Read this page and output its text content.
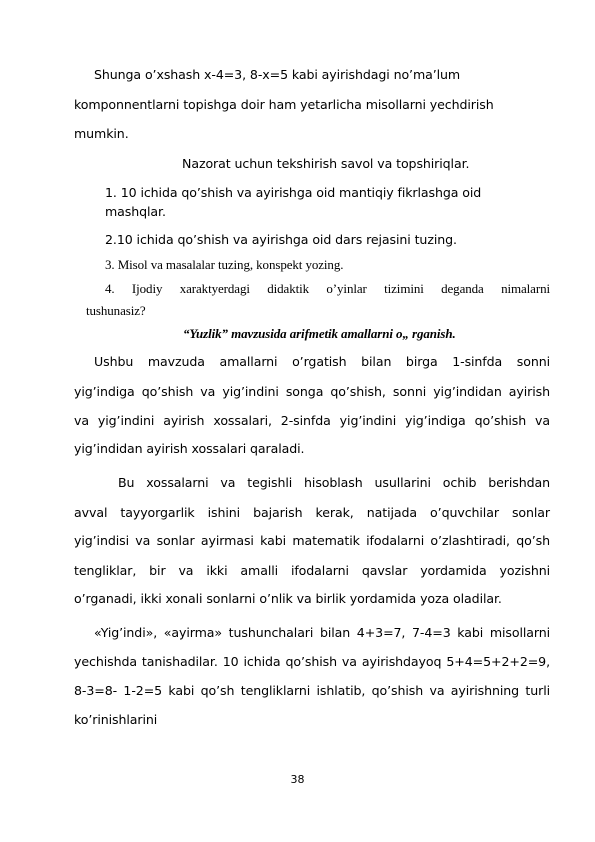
Shunga o’xshash x-4=3, 8-x=5 kabi ayirishdagi no’ma’lum
komponnentlarni topishga doir ham yetarlicha misollarni yechdirish
mumkin.
Nazorat uchun tekshirish savol va topshiriqlar.
1. 10 ichida qo’shish va ayirishga oid mantiqiy fikrlashga oid
mashqlar.
2.10 ichida qo’shish va ayirishga oid dars rejasini tuzing.
3. Misol va masalalar tuzing, konspekt yozing.
4. Ijodiy xaraktyerdagi didaktik o’yinlar tizimini deganda nimalarni
tushunasiz?
“Yuzlik” mavzusida arifmetik amallarni o„ rganish.
Ushbu mavzuda amallarni o’rgatish bilan birga 1-sinfda sonni
yig’indiga qo’shish va yig’indini songa qo’shish, sonni yig’indidan ayirish
va yig’indini ayirish xossalari, 2-sinfda yig’indini yig’indiga qo’shish va
yig’indidan ayirish xossalari qaraladi.
Bu xossalarni va tegishli hisoblash usullarini ochib berishdan
avval tayyorgarlik ishini bajarish kerak, natijada o’quvchilar sonlar
yig’indisi va sonlar ayirmasi kabi matematik ifodalarni o’zlashtiradi, qo’sh
tengliklar, bir va ikki amalli ifodalarni qavslar yordamida yozishni
o’rganadi, ikki xonali sonlarni o’nlik va birlik yordamida yoza oladilar.
«Yig’indi», «ayirma» tushunchalari bilan 4+3=7, 7-4=3 kabi misollarni
yechishda tanishadilar. 10 ichida qo’shish va ayirishdayoq 5+4=5+2+2=9,
8-3=8- 1-2=5 kabi qo’sh tengliklarni ishlatib, qo’shish va ayirishning turli
ko’rinishlarini
38
